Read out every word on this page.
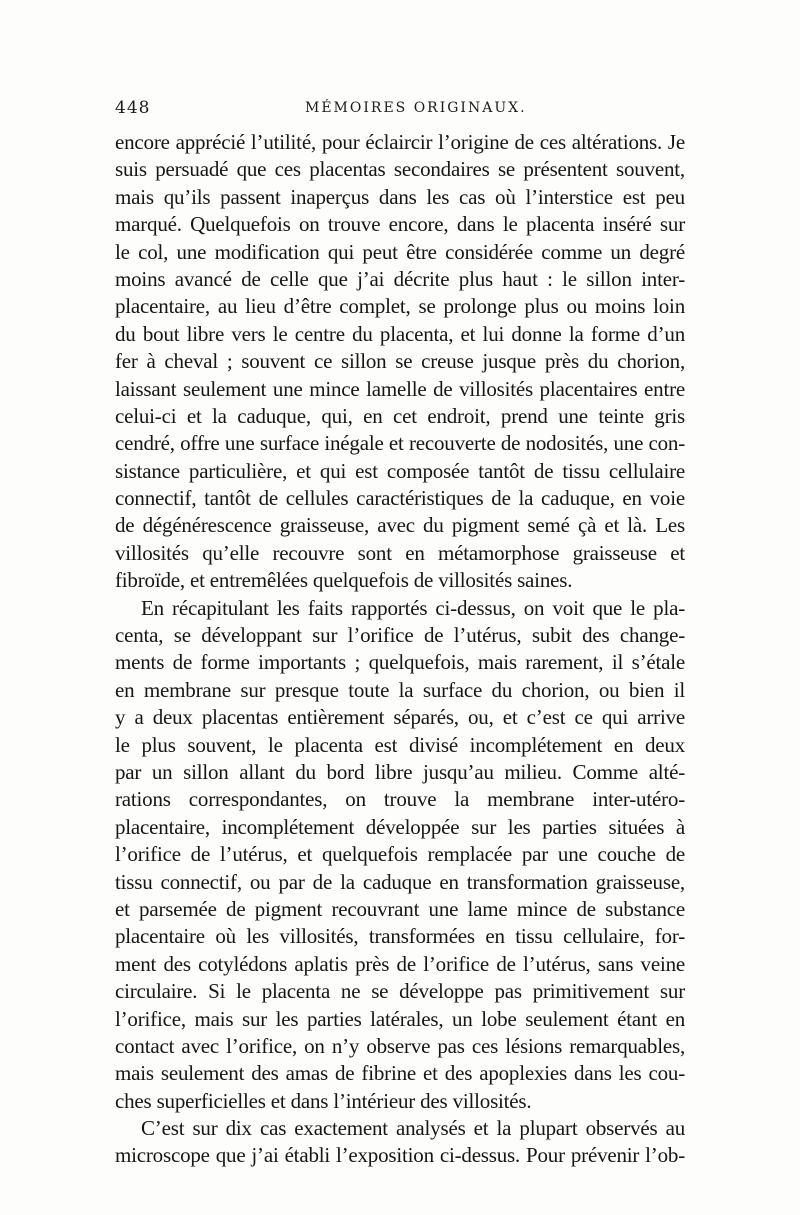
448	MÉMOIRES ORIGINAUX.
encore apprécié l’utilité, pour éclaircir l’origine de ces altérations. Je
suis persuadé que ces placentas secondaires se présentent souvent,
mais qu’ils passent inaperçus dans les cas où l’interstice est peu
marqué. Quelquefois on trouve encore, dans le placenta inséré sur
le col, une modification qui peut être considérée comme un degré
moins avancé de celle que j’ai décrite plus haut : le sillon inter-
placentaire, au lieu d’être complet, se prolonge plus ou moins loin
du bout libre vers le centre du placenta, et lui donne la forme d’un
fer à cheval ; souvent ce sillon se creuse jusque près du chorion,
laissant seulement une mince lamelle de villosités placentaires entre
celui-ci et la caduque, qui, en cet endroit, prend une teinte gris
cendré, offre une surface inégale et recouverte de nodosités, une con-
sistance particulière, et qui est composée tantôt de tissu cellulaire
connectif, tantôt de cellules caractéristiques de la caduque, en voie
de dégénérescence graisseuse, avec du pigment semé çà et là. Les
villosités qu’elle recouvre sont en métamorphose graisseuse et
fibroïde, et entremêlées quelquefois de villosités saines.
En récapitulant les faits rapportés ci-dessus, on voit que le pla-
centa, se développant sur l’orifice de l’utérus, subit des change-
ments de forme importants ; quelquefois, mais rarement, il s’étale
en membrane sur presque toute la surface du chorion, ou bien il
y a deux placentas entièrement séparés, ou, et c’est ce qui arrive
le plus souvent, le placenta est divisé incomplétement en deux
par un sillon allant du bord libre jusqu’au milieu. Comme alté-
rations correspondantes, on trouve la membrane inter-utéro-
placentaire, incomplétement développée sur les parties situées à
l’orifice de l’utérus, et quelquefois remplacée par une couche de
tissu connectif, ou par de la caduque en transformation graisseuse,
et parsemée de pigment recouvrant une lame mince de substance
placentaire où les villosités, transformées en tissu cellulaire, for-
ment des cotylédons aplatis près de l’orifice de l’utérus, sans veine
circulaire. Si le placenta ne se développe pas primitivement sur
l’orifice, mais sur les parties latérales, un lobe seulement étant en
contact avec l’orifice, on n’y observe pas ces lésions remarquables,
mais seulement des amas de fibrine et des apoplexies dans les cou-
ches superficielles et dans l’intérieur des villosités.
C’est sur dix cas exactement analysés et la plupart observés au
microscope que j’ai établi l’exposition ci-dessus. Pour prévenir l’ob-
